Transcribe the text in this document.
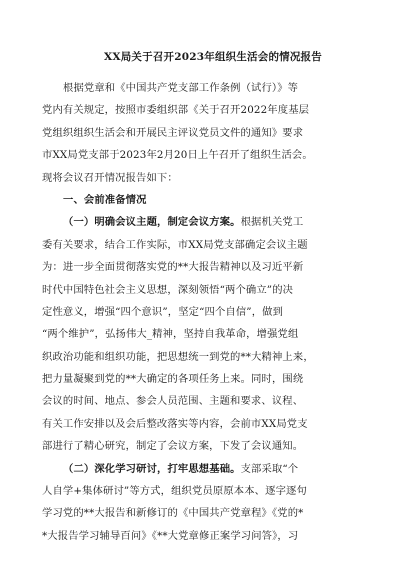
XX局关于召开2023年组织生活会的情况报告
根据党章和《中国共产党支部工作条例（试行）》等
党内有关规定，按照市委组织部《关于召开2022年度基层
党组织组织生活会和开展民主评议党员文件的通知》要求
市XX局党支部于2023年2月20日上午召开了组织生活会。
现将会议召开情况报告如下：
一、会前准备情况
（一）明确会议主题，制定会议方案。根据机关党工
委有关要求，结合工作实际，市XX局党支部确定会议主题
为：进一步全面贯彻落实党的**大报告精神以及习近平新
时代中国特色社会主义思想，深刻领悟“两个确立”的决
定性意义，增强“四个意识”，坚定“四个自信”，做到
“两个维护”，弘扬伟大_精神，坚持自我革命，增强党组
织政治功能和组织功能，把思想统一到党的**大精神上来，
把力量凝聚到党的**大确定的各项任务上来。同时，围绕
会议的时间、地点、参会人员范围、主题和要求、议程、
有关工作安排以及会后整改落实等内容，会前市XX局党支
部进行了精心研究，制定了会议方案，下发了会议通知。
（二）深化学习研讨，打牢思想基础。支部采取“个
人自学+集体研讨”等方式，组织党员原原本本、逐字逐句
学习党的**大报告和新修订的《中国共产党章程》《党的*
*大报告学习辅导百问》《**大党章修正案学习问答》，习
